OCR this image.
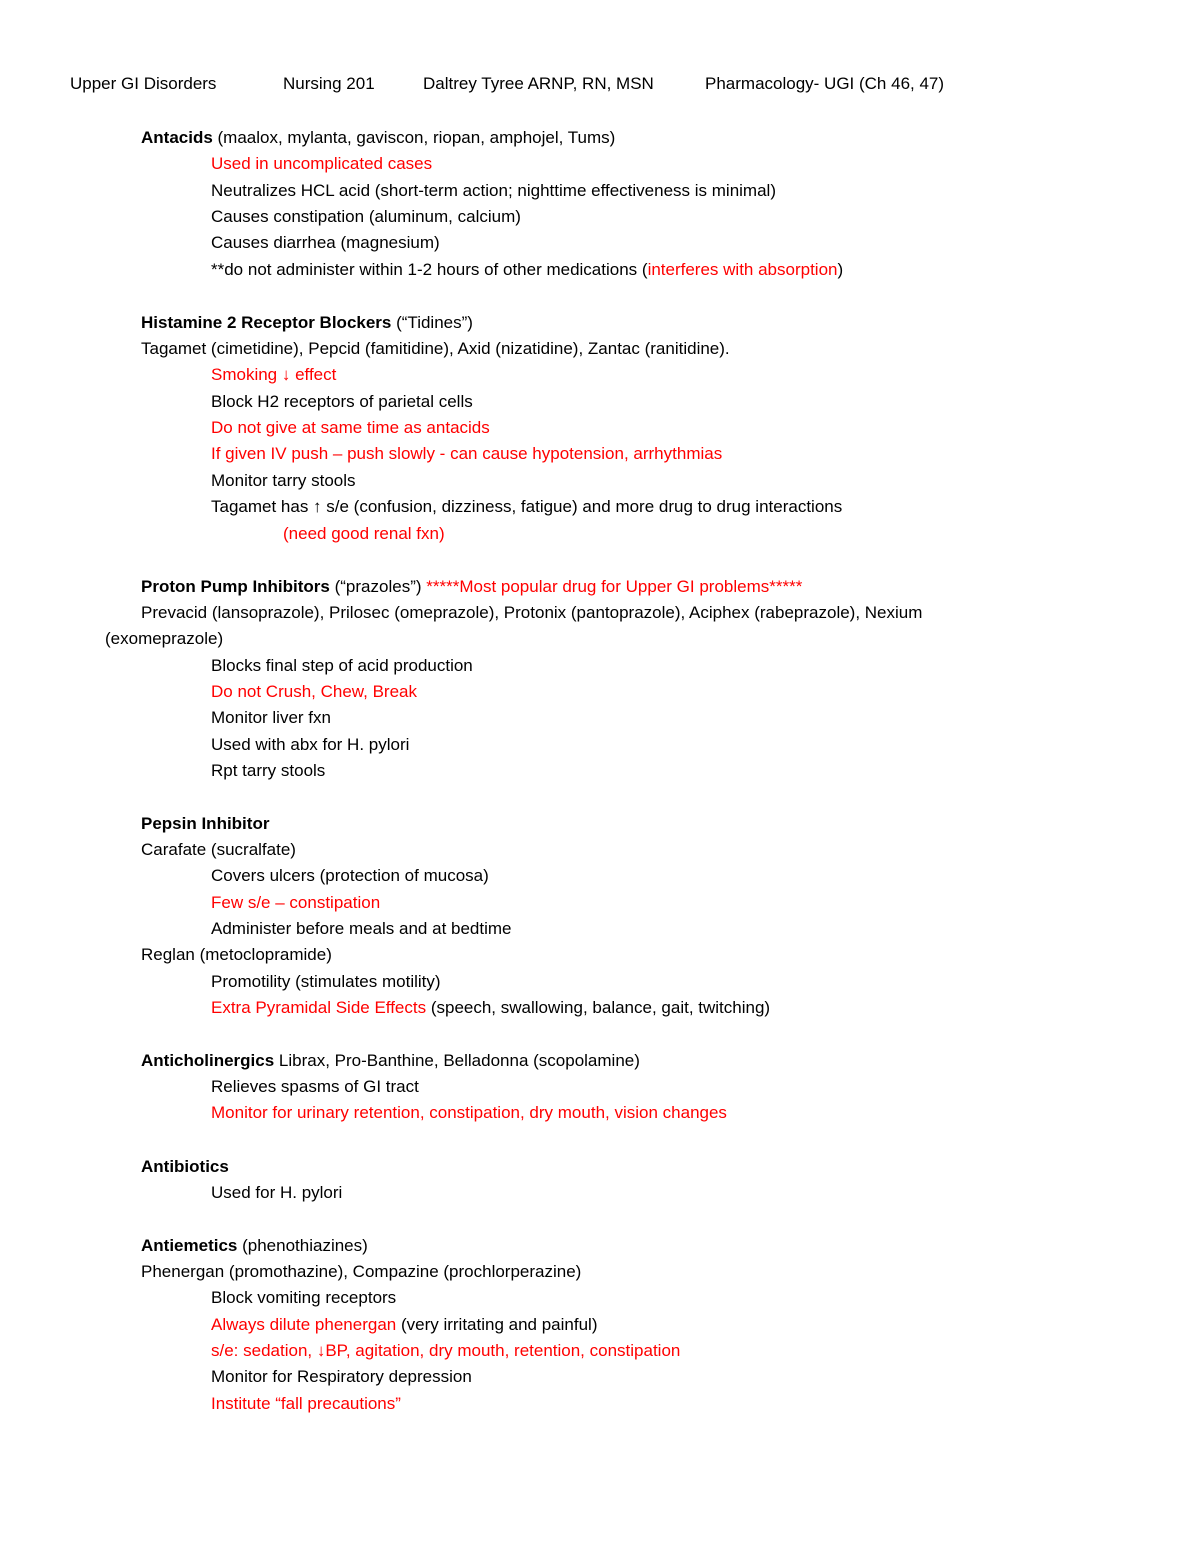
Upper GI Disorders	Nursing 201	Daltrey Tyree ARNP, RN, MSN	Pharmacology- UGI (Ch 46, 47)
Antacids (maalox, mylanta, gaviscon, riopan, amphojel, Tums)
Used in uncomplicated cases
Neutralizes HCL acid (short-term action; nighttime effectiveness is minimal)
Causes constipation (aluminum, calcium)
Causes diarrhea (magnesium)
**do not administer within 1-2 hours of other medications (interferes with absorption)
Histamine 2 Receptor Blockers (“Tidines”)
Tagamet (cimetidine), Pepcid (famitidine), Axid (nizatidine), Zantac (ranitidine).
Smoking ↓ effect
Block H2 receptors of parietal cells
Do not give at same time as antacids
If given IV push – push slowly - can cause hypotension, arrhythmias
Monitor tarry stools
Tagamet has ↑ s/e (confusion, dizziness, fatigue) and more drug to drug interactions
(need good renal fxn)
Proton Pump Inhibitors (“prazoles”) *****Most popular drug for Upper GI problems*****
Prevacid (lansoprazole), Prilosec (omeprazole), Protonix (pantoprazole), Aciphex (rabeprazole), Nexium
(exomeprazole)
Blocks final step of acid production
Do not Crush, Chew, Break
Monitor liver fxn
Used with abx for H. pylori
Rpt tarry stools
Pepsin Inhibitor
Carafate (sucralfate)
Covers ulcers (protection of mucosa)
Few s/e – constipation
Administer before meals and at bedtime
Reglan (metoclopramide)
Promotility (stimulates motility)
Extra Pyramidal Side Effects (speech, swallowing, balance, gait, twitching)
Anticholinergics Librax, Pro-Banthine, Belladonna (scopolamine)
Relieves spasms of GI tract
Monitor for urinary retention, constipation, dry mouth, vision changes
Antibiotics
Used for H. pylori
Antiemetics (phenothiazines)
Phenergan (promothazine), Compazine (prochlorperazine)
Block vomiting receptors
Always dilute phenergan (very irritating and painful)
s/e: sedation, ↓BP, agitation, dry mouth, retention, constipation
Monitor for Respiratory depression
Institute “fall precautions”
